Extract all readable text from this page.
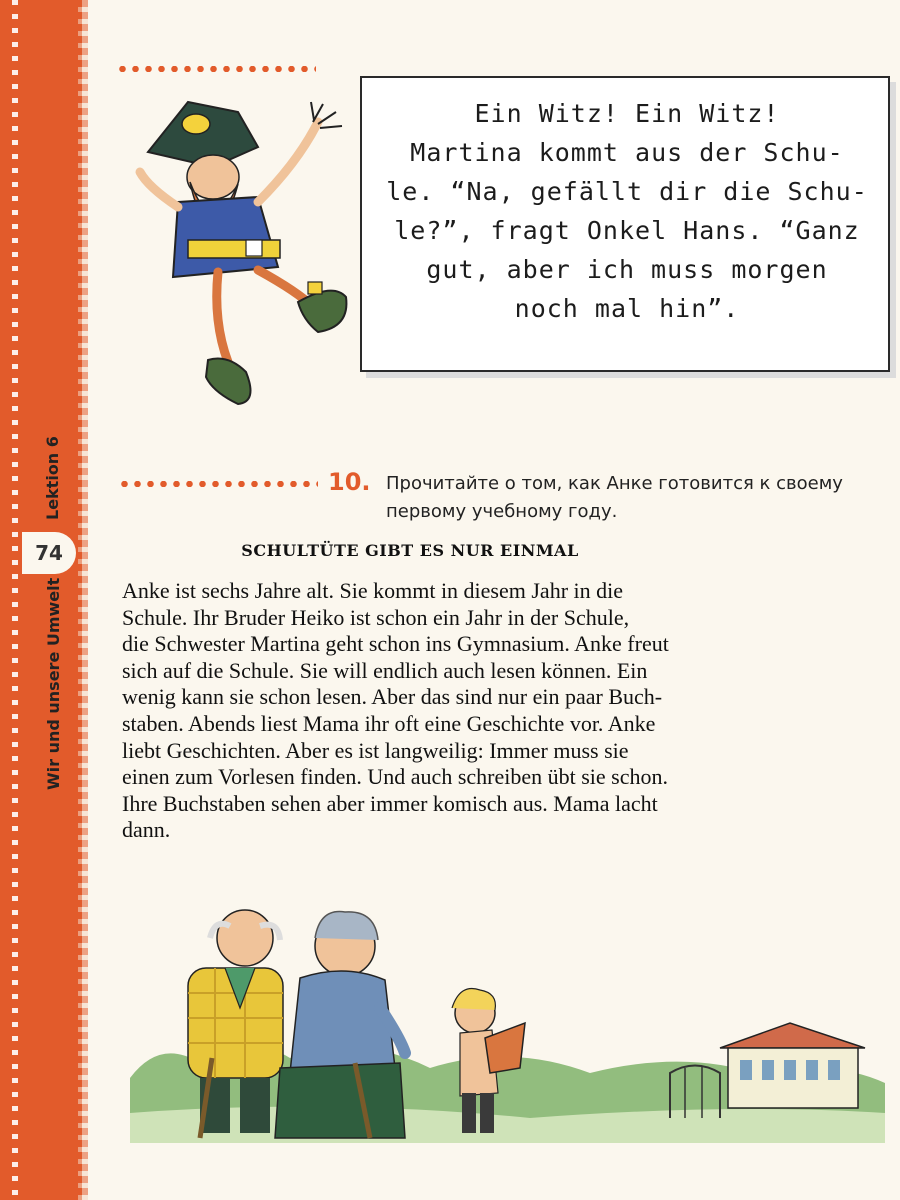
Lektion 6
74
Wir und unsere Umwelt
Ein Witz! Ein Witz!
Martina kommt aus der Schu-
le. “Na, gefällt dir die Schu-
le?”, fragt Onkel Hans. “Ganz
gut, aber ich muss morgen
noch mal hin”.
10. Прочитайте о том, как Анке готовится к своему первому учебному году.
SCHULTÜTE GIBT ES NUR EINMAL
Anke ist sechs Jahre alt. Sie kommt in diesem Jahr in die
Schule. Ihr Bruder Heiko ist schon ein Jahr in der Schule,
die Schwester Martina geht schon ins Gymnasium. Anke freut
sich auf die Schule. Sie will endlich auch lesen können. Ein
wenig kann sie schon lesen. Aber das sind nur ein paar Buch-
staben. Abends liest Mama ihr oft eine Geschichte vor. Anke
liebt Geschichten. Aber es ist langweilig: Immer muss sie
einen zum Vorlesen finden. Und auch schreiben übt sie schon.
Ihre Buchstaben sehen aber immer komisch aus. Mama lacht
dann.
